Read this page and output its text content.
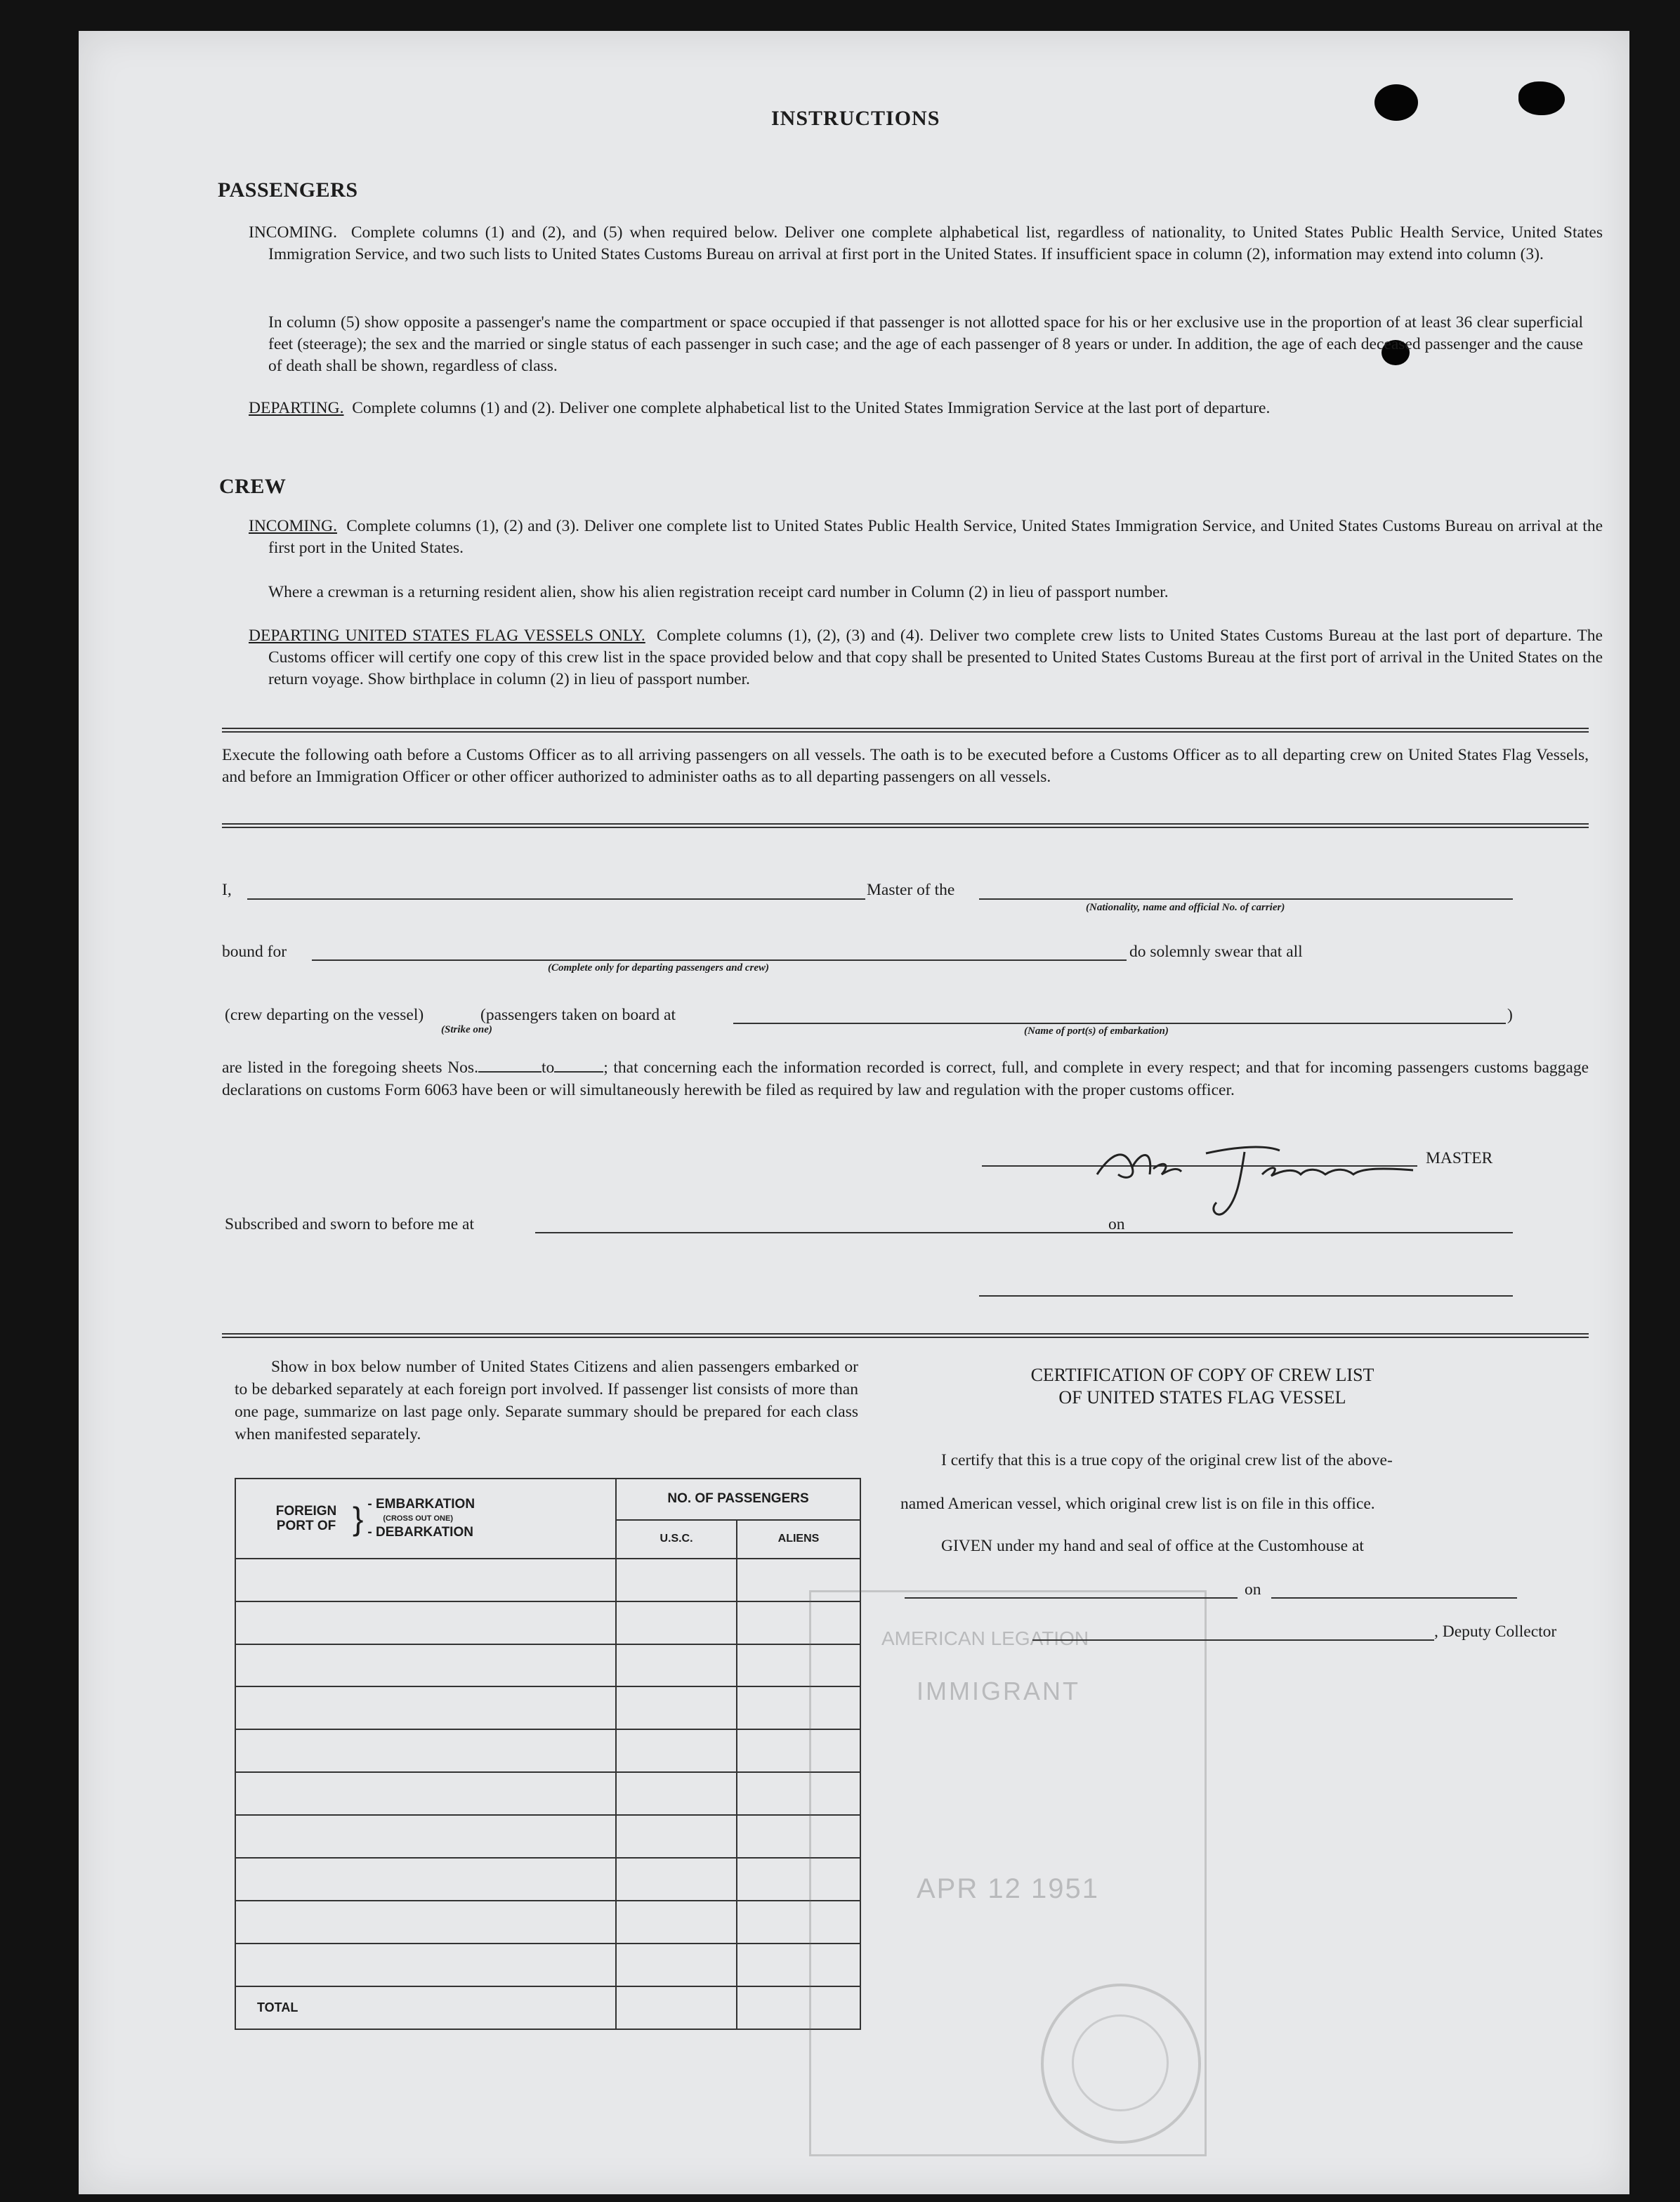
INSTRUCTIONS
PASSENGERS
INCOMING. Complete columns (1) and (2), and (5) when required below. Deliver one complete alphabetical list, regardless of nationality, to United States Public Health Service, United States Immigration Service, and two such lists to United States Customs Bureau on arrival at first port in the United States. If insufficient space in column (2), information may extend into column (3).
In column (5) show opposite a passenger's name the compartment or space occupied if that passenger is not allotted space for his or her exclusive use in the proportion of at least 36 clear superficial feet (steerage); the sex and the married or single status of each passenger in such case; and the age of each passenger of 8 years or under. In addition, the age of each deceased passenger and the cause of death shall be shown, regardless of class.
DEPARTING. Complete columns (1) and (2). Deliver one complete alphabetical list to the United States Immigration Service at the last port of departure.
CREW
INCOMING. Complete columns (1), (2) and (3). Deliver one complete list to United States Public Health Service, United States Immigration Service, and United States Customs Bureau on arrival at the first port in the United States.
Where a crewman is a returning resident alien, show his alien registration receipt card number in Column (2) in lieu of passport number.
DEPARTING UNITED STATES FLAG VESSELS ONLY. Complete columns (1), (2), (3) and (4). Deliver two complete crew lists to United States Customs Bureau at the last port of departure. The Customs officer will certify one copy of this crew list in the space provided below and that copy shall be presented to United States Customs Bureau at the first port of arrival in the United States on the return voyage. Show birthplace in column (2) in lieu of passport number.
Execute the following oath before a Customs Officer as to all arriving passengers on all vessels. The oath is to be executed before a Customs Officer as to all departing crew on United States Flag Vessels, and before an Immigration Officer or other officer authorized to administer oaths as to all departing passengers on all vessels.
I,	Master of the
(Nationality, name and official No. of carrier)
bound for	do solemnly swear that all
(Complete only for departing passengers and crew)
(crew departing on the vessel)
(Strike one)
(passengers taken on board at	)
(Name of port(s) of embarkation)
are listed in the foregoing sheets Nos.	to	; that concerning each the information recorded is correct, full, and complete in every respect; and that for incoming passengers customs baggage declarations on customs Form 6063 have been or will simultaneously herewith be filed as required by law and regulation with the proper customs officer.
MASTER
Subscribed and sworn to before me at	on
Show in box below number of United States Citizens and alien passengers embarked or to be debarked separately at each foreign port involved. If passenger list consists of more than one page, summarize on last page only. Separate summary should be prepared for each class when manifested separately.
FOREIGN PORT OF } - EMBARKATION
(CROSS OUT ONE)
- DEBARKATION	NO. OF PASSENGERS	
	U.S.C.	ALIENS

TOTAL		
AMERICAN LEGATION
IMMIGRANT
APR 12 1951
CERTIFICATION OF COPY OF CREW LIST
OF UNITED STATES FLAG VESSEL
I certify that this is a true copy of the original crew list of the above-
named American vessel, which original crew list is on file in this office.
GIVEN under my hand and seal of office at the Customhouse at
on
, Deputy Collector
